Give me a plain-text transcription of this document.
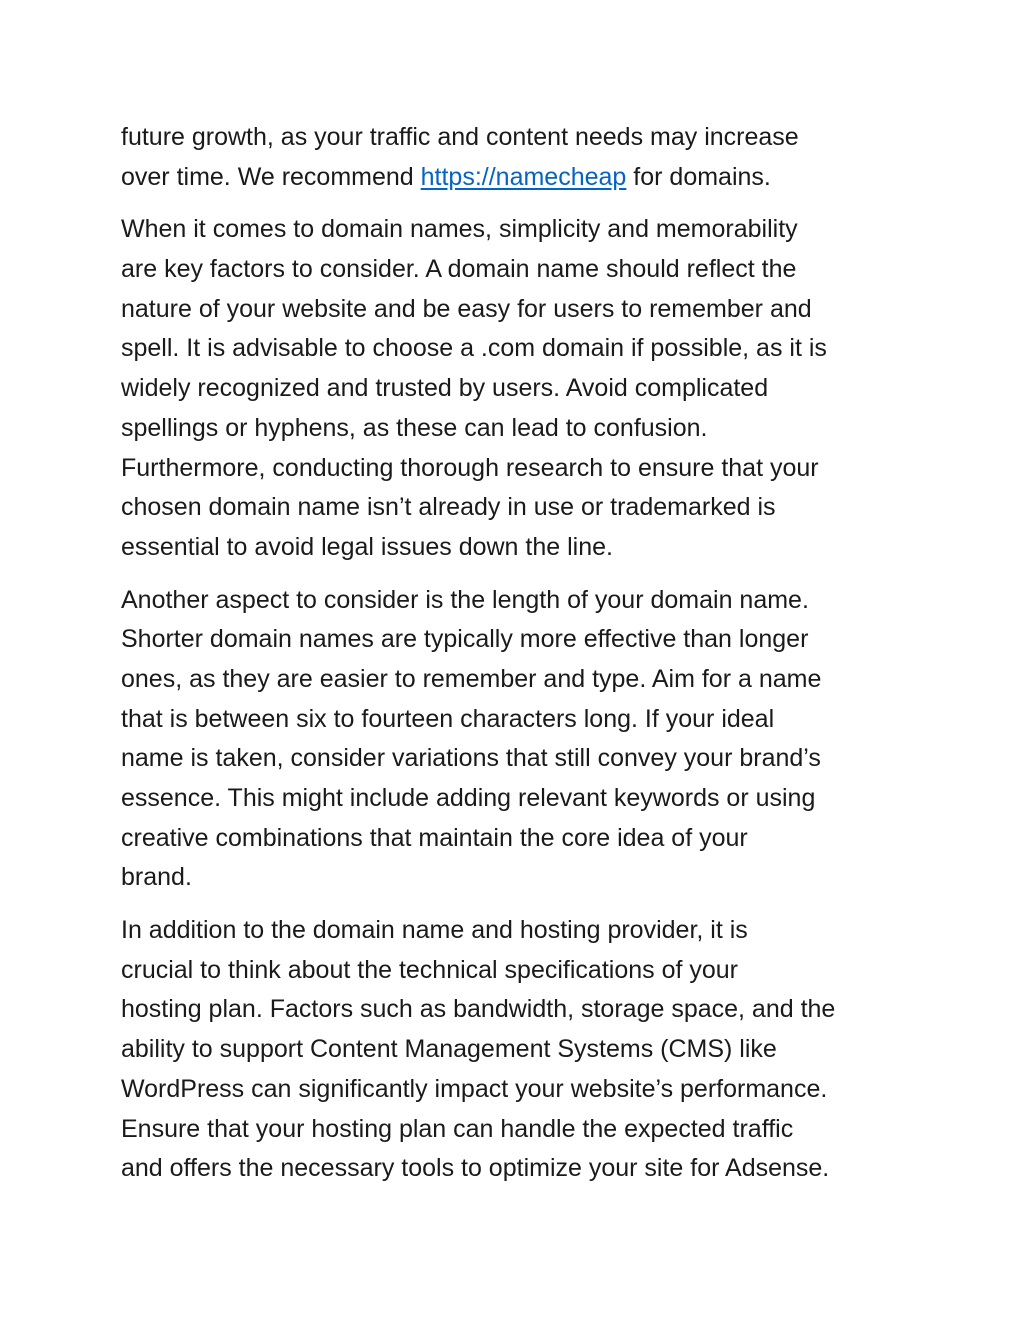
future growth, as your traffic and content needs may increase
over time. We recommend https://namecheap for domains.
When it comes to domain names, simplicity and memorability
are key factors to consider. A domain name should reflect the
nature of your website and be easy for users to remember and
spell. It is advisable to choose a .com domain if possible, as it is
widely recognized and trusted by users. Avoid complicated
spellings or hyphens, as these can lead to confusion.
Furthermore, conducting thorough research to ensure that your
chosen domain name isn’t already in use or trademarked is
essential to avoid legal issues down the line.
Another aspect to consider is the length of your domain name.
Shorter domain names are typically more effective than longer
ones, as they are easier to remember and type. Aim for a name
that is between six to fourteen characters long. If your ideal
name is taken, consider variations that still convey your brand’s
essence. This might include adding relevant keywords or using
creative combinations that maintain the core idea of your
brand.
In addition to the domain name and hosting provider, it is
crucial to think about the technical specifications of your
hosting plan. Factors such as bandwidth, storage space, and the
ability to support Content Management Systems (CMS) like
WordPress can significantly impact your website’s performance.
Ensure that your hosting plan can handle the expected traffic
and offers the necessary tools to optimize your site for Adsense.
